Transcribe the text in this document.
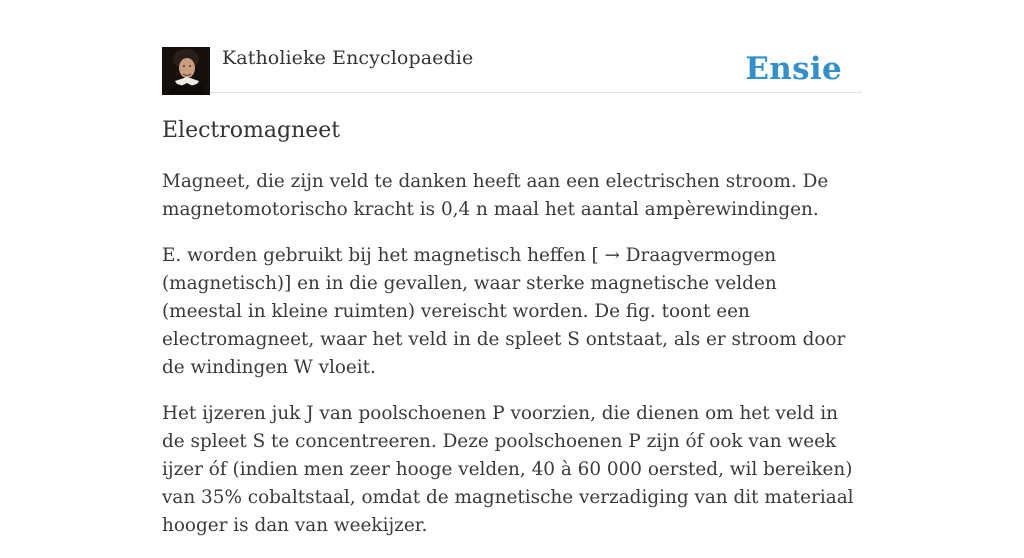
Katholieke Encyclopaedie	Ensie
Electromagneet

Magneet, die zijn veld te danken heeft aan een electrischen stroom. De magnetomotorischo kracht is 0,4 n maal het aantal ampèrewindingen.

E. worden gebruikt bij het magnetisch heffen [ → Draagvermogen (magnetisch)] en in die gevallen, waar sterke magnetische velden (meestal in kleine ruimten) vereischt worden. De fig. toont een electromagneet, waar het veld in de spleet S ontstaat, als er stroom door de windingen W vloeit.

Het ijzeren juk J van poolschoenen P voorzien, die dienen om het veld in de spleet S te concentreeren. Deze poolschoenen P zijn óf ook van week ijzer óf (indien men zeer hooge velden, 40 à 60 000 oersted, wil bereiken) van 35% cobaltstaal, omdat de magnetische verzadiging van dit materiaal hooger is dan van weekijzer.
